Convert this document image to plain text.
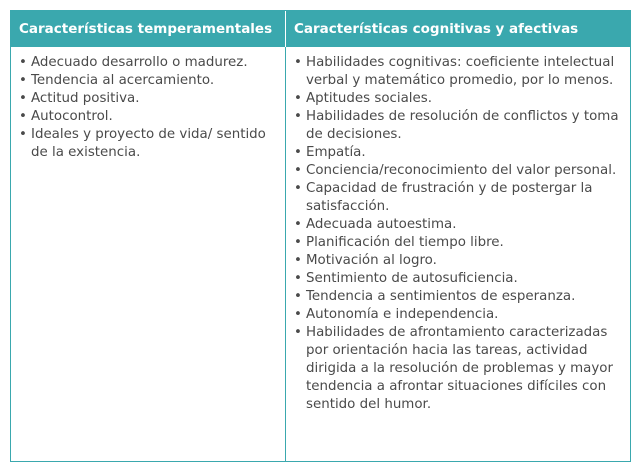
Características temperamentales	Características cognitivas y afectivas
• Adecuado desarrollo o madurez.
• Tendencia al acercamiento.
• Actitud positiva.
• Autocontrol.
• Ideales y proyecto de vida/ sentido de la existencia.
• Habilidades cognitivas: coeficiente intelectual verbal y matemático promedio, por lo menos.
• Aptitudes sociales.
• Habilidades de resolución de conflictos y toma de decisiones.
• Empatía.
• Conciencia/reconocimiento del valor personal.
• Capacidad de frustración y de postergar la satisfacción.
• Adecuada autoestima.
• Planificación del tiempo libre.
• Motivación al logro.
• Sentimiento de autosuficiencia.
• Tendencia a sentimientos de esperanza.
• Autonomía e independencia.
• Habilidades de afrontamiento caracterizadas por orientación hacia las tareas, actividad dirigida a la resolución de problemas y mayor tendencia a afrontar situaciones difíciles con sentido del humor.
